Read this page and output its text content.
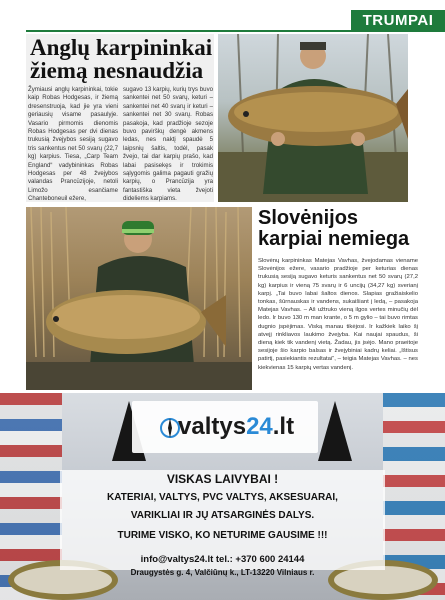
TRUMPAI
Anglų karpininkai
žiemą nesnaudžia
Žymiausi anglų karpininkai, tokie kaip Robas Hodgesas, ir žiemą dresenstruoja, kad jie yra vieni geriausių visame pasaulyje. Vasario pirmomis dienomis Robas Hodgesas per dvi dienas trukusią žvejybos sesiją sugavo tris sankentus net 50 svarų (22,7 kg) karpius. Tiesa, „Carp Team England“ vadybininkas Robas Hodgesas per 48 žvejybos valandas Prancūzijoje, netoli Limožo esančiame Chanteboneuil ežere,
sugavo 13 karpių, kurių trys buvo sankentei net 50 svarų, keturi – sankentei net 40 svarų ir keturi – sankentei net 30 svarų. Robas pasakoja, kad pradžioje sezoje buvo pavirškų dengė akmens ledas, nes naktį spaudė 5 laipsnių šaltis, todėl, pasak žvejo, tai dar karpių prašo, kad labai pasisekęs ir trokimis sąlygomis galima pagauti gražių karpių, o Prancūzija yra fantastiška vieta žvejoti dideliems karpiams.
Slovėnijos
karpiai nemiega
Slovėnų karpininkas Matejas Vavhas, žvejodamas viename Slovėnijos ežere, vasario pradžioje per keturias dienas trukusią sesiją sugavo keturis sankentus net 50 svarų (27,2 kg) karpius ir vieną 75 svarų ir 6 uncijų (34,27 kg) sverianį karpį. „Tai buvo labai šaltos dienos. Slapias gražiaiskelio tonkas, šūrnauskas ir vandens, sukaišiant į ledą, – pasakoja Matejas Vavhas. – Aš užtruko vieną ilgos vertes minučių dėl ledo. Ir buvo 130 m man krante, o 5 m gylio – tai buvo rimtas dugnio įspėjimas. Viską manau tikėjosi. Ir kažkiek laiko šį atvejį rinkliavos laukimo žvejyba. Kai naujai spaudus, ši dieną kiek tik vandenį vietą. Žadau, jis įsėjo. Mano praeitoje sesijoje šio karpio balsas ir žvejybiniai kadrų keliai. „Ištisus patirtį, pasiekiantis rezultatai“, – teigia Matejas Vavhas. – nes kiekvienas 15 karpių vertas vandenį.
valtys24.lt
VISKAS LAIVYBAI !
KATERIAI, VALTYS, PVC VALTYS, AKSESUARAI,
VARIKLIAI IR JŲ ATSARGINĖS DALYS.
TURIME VISKO, KO NETURIME GAUSIME !!!
info@valtys24.lt tel.: +370 600 24144
Draugystės g. 4, Valčiūnų k., LT-13220 Vilniaus r.
